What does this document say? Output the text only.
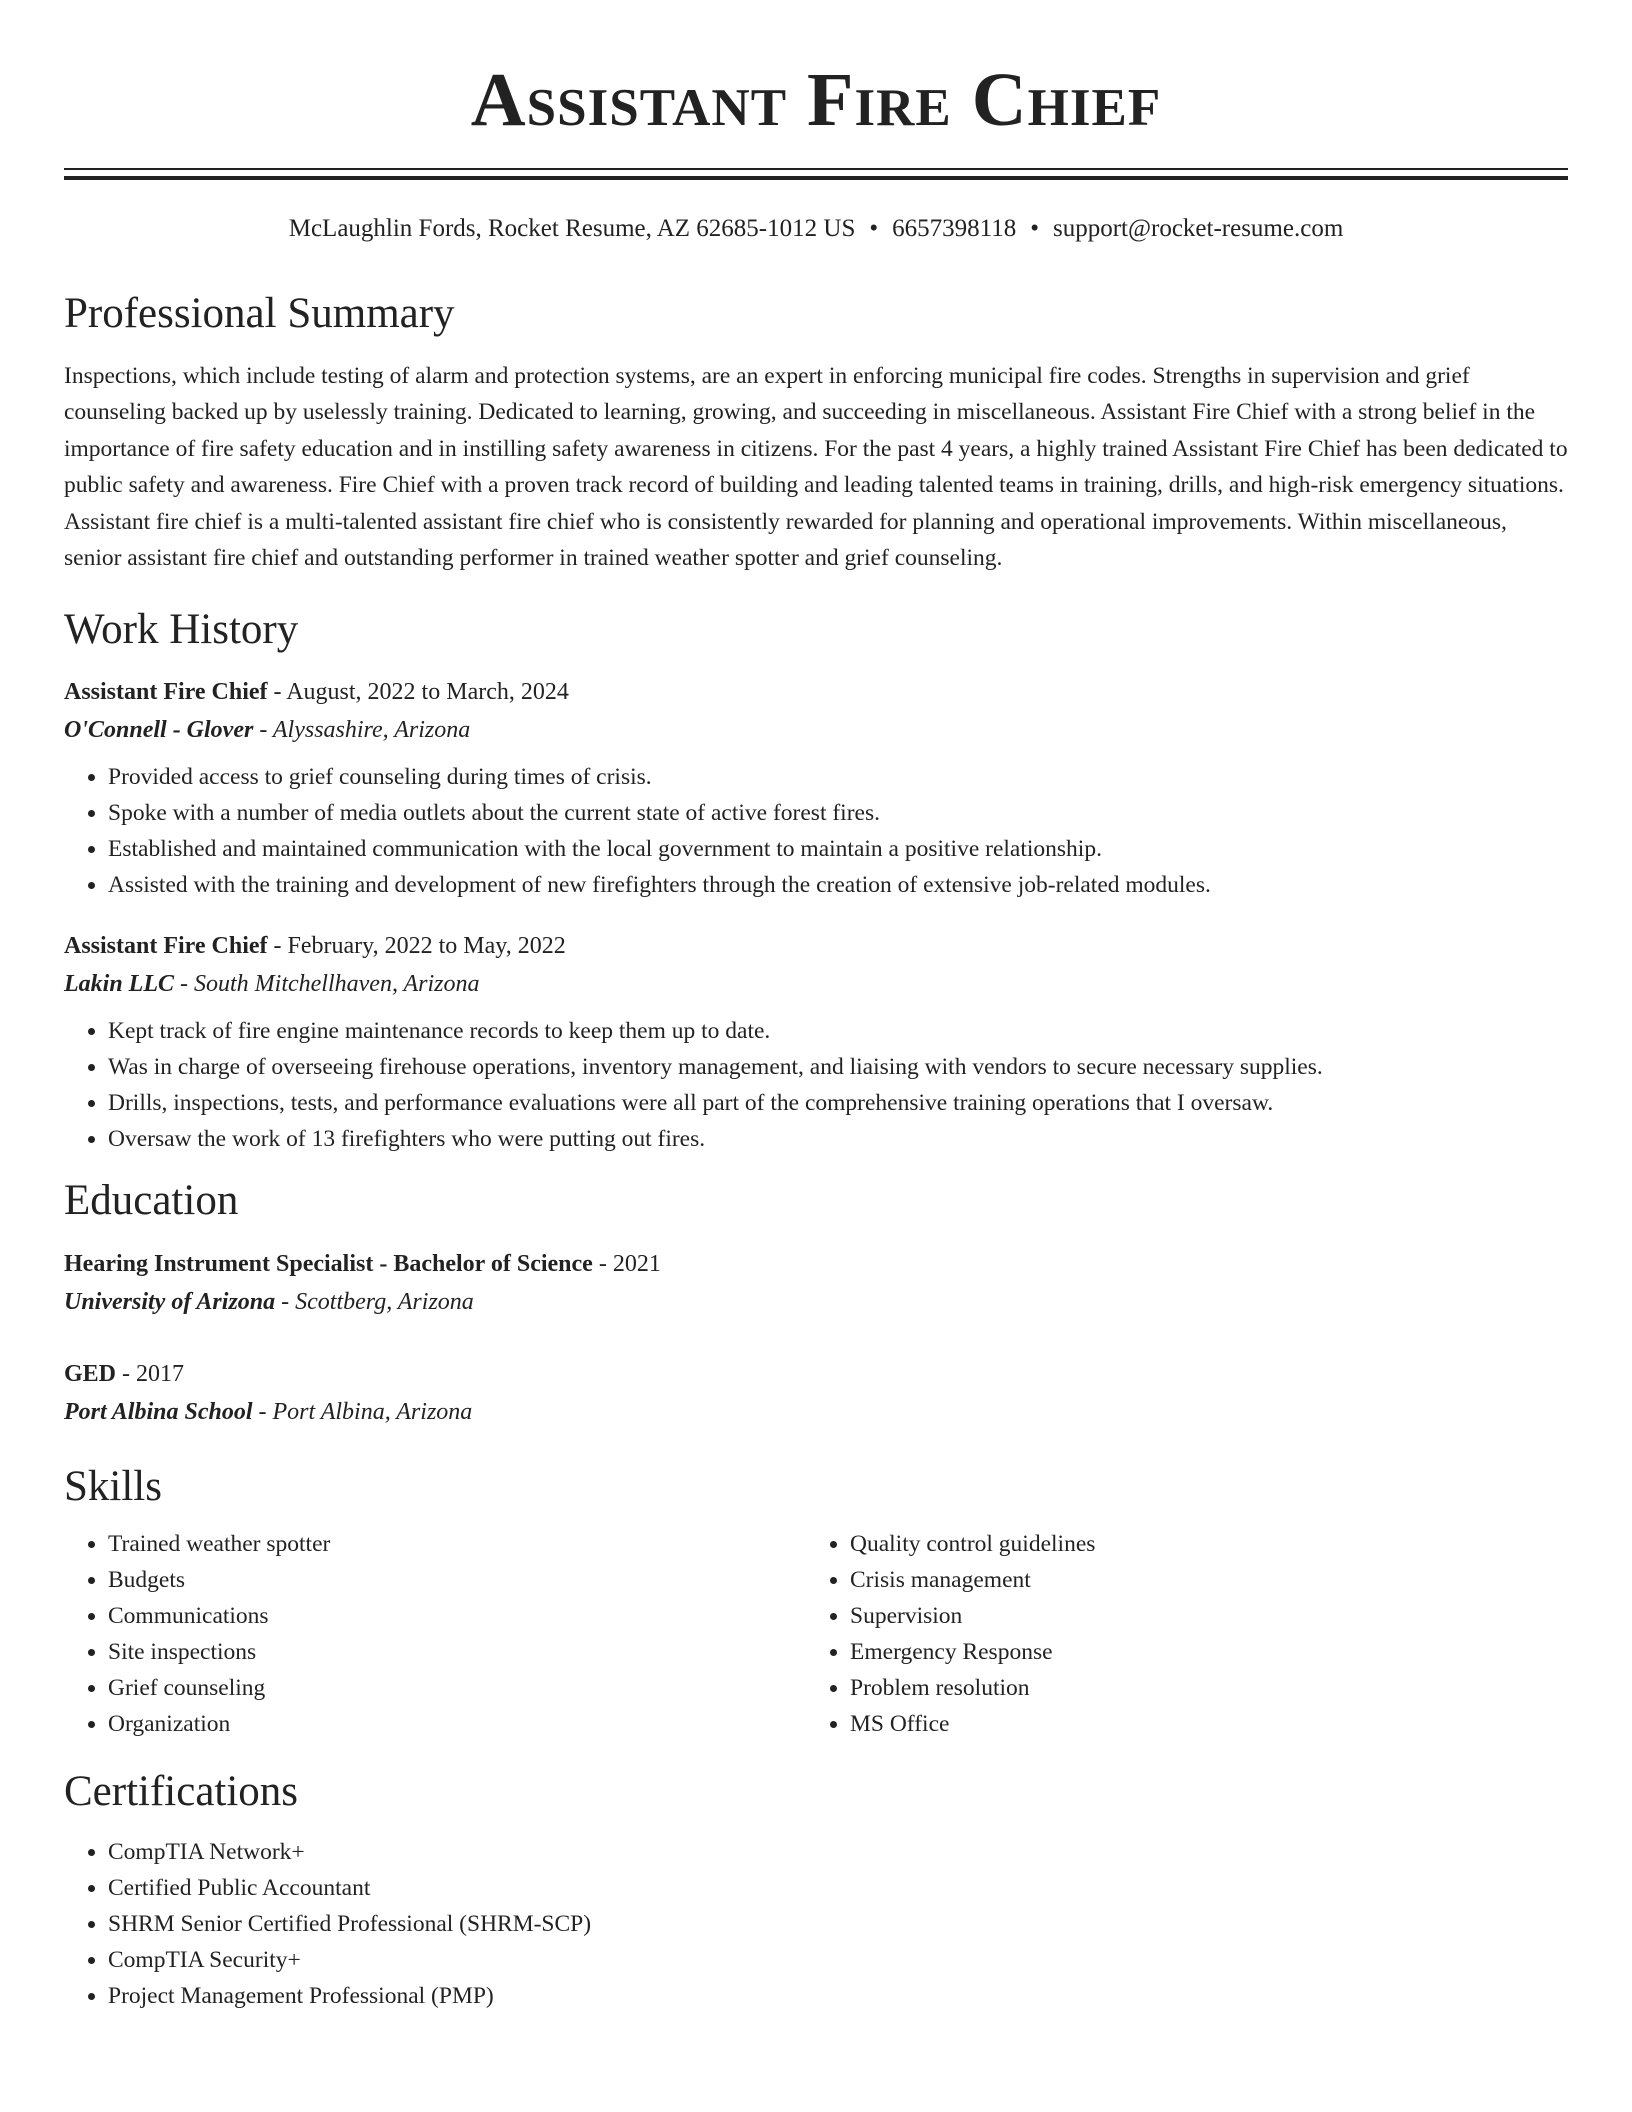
Assistant Fire Chief
McLaughlin Fords, Rocket Resume, AZ 62685-1012 US • 6657398118 • support@rocket-resume.com
Professional Summary

Inspections, which include testing of alarm and protection systems, are an expert in enforcing municipal fire codes. Strengths in supervision and grief counseling backed up by uselessly training. Dedicated to learning, growing, and succeeding in miscellaneous. Assistant Fire Chief with a strong belief in the importance of fire safety education and in instilling safety awareness in citizens. For the past 4 years, a highly trained Assistant Fire Chief has been dedicated to public safety and awareness. Fire Chief with a proven track record of building and leading talented teams in training, drills, and high-risk emergency situations. Assistant fire chief is a multi-talented assistant fire chief who is consistently rewarded for planning and operational improvements. Within miscellaneous, senior assistant fire chief and outstanding performer in trained weather spotter and grief counseling.

Work History
Assistant Fire Chief - August, 2022 to March, 2024
O'Connell - Glover - Alyssashire, Arizona
• Provided access to grief counseling during times of crisis.
• Spoke with a number of media outlets about the current state of active forest fires.
• Established and maintained communication with the local government to maintain a positive relationship.
• Assisted with the training and development of new firefighters through the creation of extensive job-related modules.
Assistant Fire Chief - February, 2022 to May, 2022
Lakin LLC - South Mitchellhaven, Arizona
• Kept track of fire engine maintenance records to keep them up to date.
• Was in charge of overseeing firehouse operations, inventory management, and liaising with vendors to secure necessary supplies.
• Drills, inspections, tests, and performance evaluations were all part of the comprehensive training operations that I oversaw.
• Oversaw the work of 13 firefighters who were putting out fires.
Education
Hearing Instrument Specialist - Bachelor of Science - 2021
University of Arizona - Scottberg, Arizona
GED - 2017
Port Albina School - Port Albina, Arizona
Skills
• Trained weather spotter
• Budgets
• Communications
• Site inspections
• Grief counseling
• Organization
• Quality control guidelines
• Crisis management
• Supervision
• Emergency Response
• Problem resolution
• MS Office
Certifications
• CompTIA Network+
• Certified Public Accountant
• SHRM Senior Certified Professional (SHRM-SCP)
• CompTIA Security+
• Project Management Professional (PMP)
